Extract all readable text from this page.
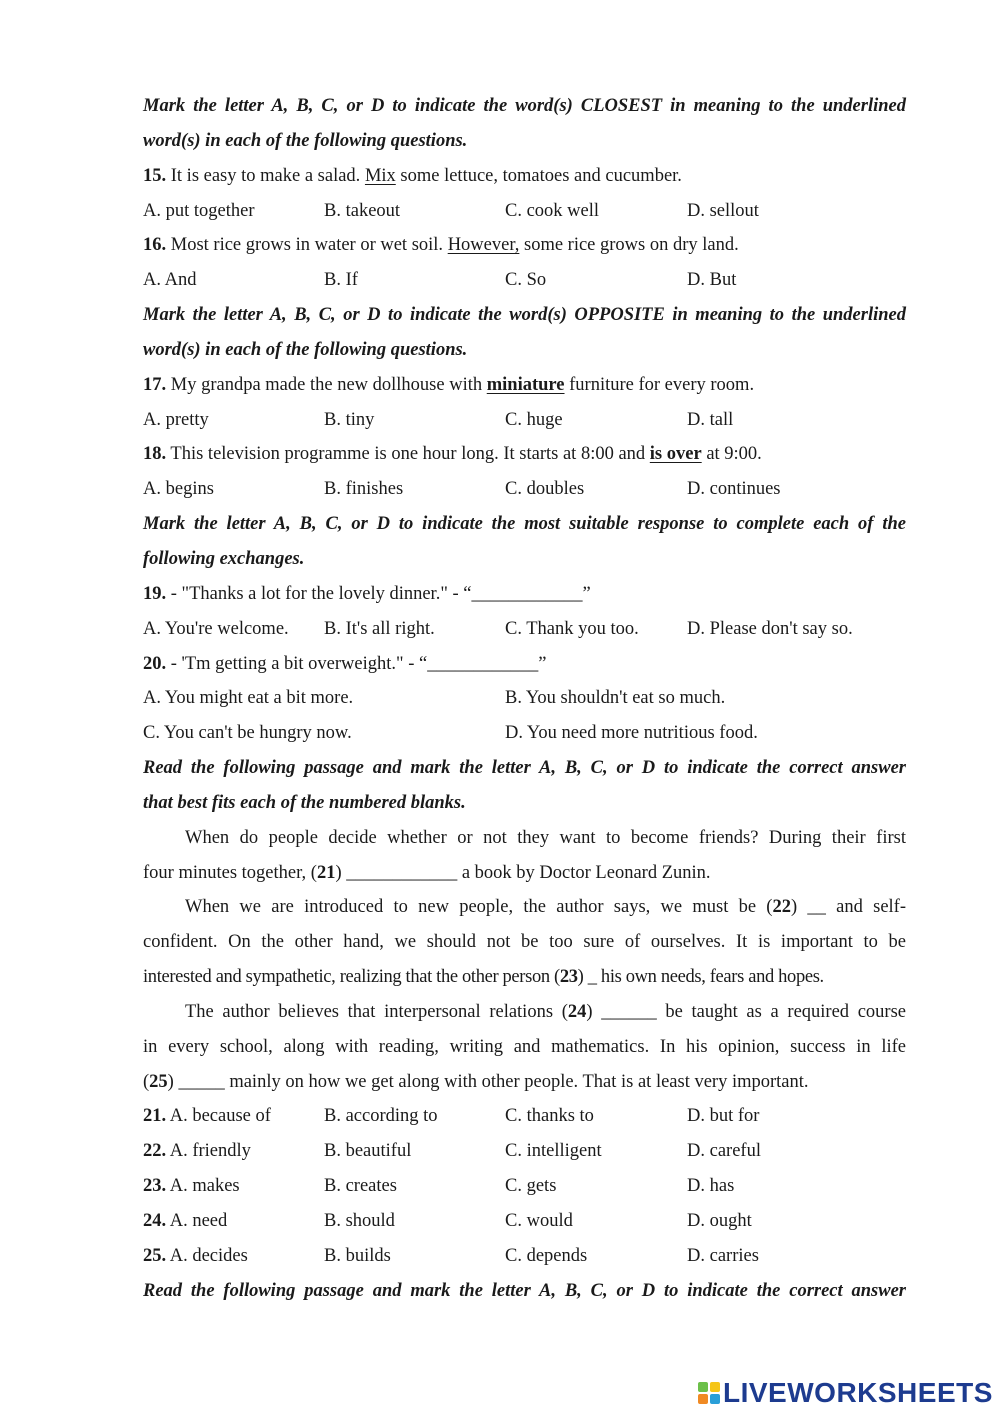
Mark the letter A, B, C, or D to indicate the word(s) CLOSEST in meaning to the underlined
word(s) in each of the following questions.
15. It is easy to make a salad. Mix some lettuce, tomatoes and cucumber.
A. put together	B. takeout	C. cook well	D. sellout
16. Most rice grows in water or wet soil. However, some rice grows on dry land.
A. And	B. If	C. So	D. But
Mark the letter A, B, C, or D to indicate the word(s) OPPOSITE in meaning to the underlined
word(s) in each of the following questions.
17. My grandpa made the new dollhouse with miniature furniture for every room.
A. pretty	B. tiny	C. huge	D. tall
18. This television programme is one hour long. It starts at 8:00 and is over at 9:00.
A. begins	B. finishes	C. doubles	D. continues
Mark the letter A, B, C, or D to indicate the most suitable response to complete each of the
following exchanges.
19. - "Thanks a lot for the lovely dinner." - “____________”
A. You're welcome. B. It's all right.	C. Thank you too.	D. Please don't say so.
20. - 'Tm getting a bit overweight." - “____________”
A. You might eat a bit more.	B. You shouldn't eat so much.
C. You can't be hungry now.	D. You need more nutritious food.
Read the following passage and mark the letter A, B, C, or D to indicate the correct answer
that best fits each of the numbered blanks.
When do people decide whether or not they want to become friends? During their first
four minutes together, (21) ____________ a book by Doctor Leonard Zunin.
When we are introduced to new people, the author says, we must be (22) __ and self-
confident. On the other hand, we should not be too sure of ourselves. It is important to be
interested and sympathetic, realizing that the other person (23) _ his own needs, fears and hopes.
The author believes that interpersonal relations (24) ______ be taught as a required course
in every school, along with reading, writing and mathematics. In his opinion, success in life
(25) _____ mainly on how we get along with other people. That is at least very important.
21. A. because of	B. according to	C. thanks to	D. but for
22. A. friendly	B. beautiful	C. intelligent	D. careful
23. A. makes	B. creates	C. gets	D. has
24. A. need	B. should	C. would	D. ought
25. A. decides	B. builds	C. depends	D. carries
Read the following passage and mark the letter A, B, C, or D to indicate the correct answer
LIVEWORKSHEETS
